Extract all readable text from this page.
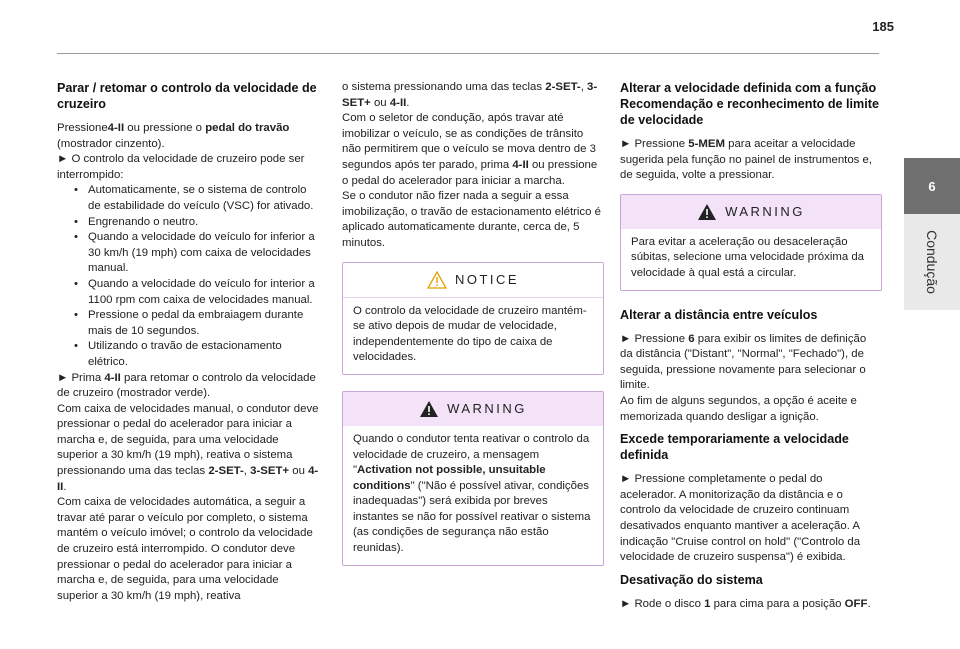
185
6
Condução
Parar / retomar o controlo da velocidade de cruzeiro

Pressione4-II ou pressione o pedal do travão (mostrador cinzento).

► O controlo da velocidade de cruzeiro pode ser interrompido:

• Automaticamente, se o sistema de controlo de estabilidade do veículo (VSC) for ativado.
• Engrenando o neutro.
• Quando a velocidade do veículo for inferior a 30 km/h (19 mph) com caixa de velocidades manual.
• Quando a velocidade do veículo for interior a 1100 rpm com caixa de velocidades manual.
• Pressione o pedal da embraiagem durante mais de 10 segundos.
• Utilizando o travão de estacionamento elétrico.

► Prima 4-II para retomar o controlo da velocidade de cruzeiro (mostrador verde).

Com caixa de velocidades manual, o condutor deve pressionar o pedal do acelerador para iniciar a marcha e, de seguida, para uma velocidade superior a 30 km/h (19 mph), reativa o sistema pressionando uma das teclas 2-SET-, 3-SET+ ou 4-II.

Com caixa de velocidades automática, a seguir a travar até parar o veículo por completo, o sistema mantém o veículo imóvel; o controlo da velocidade de cruzeiro está interrompido. O condutor deve pressionar o pedal do acelerador para iniciar a marcha e, de seguida, para uma velocidade superior a 30 km/h (19 mph), reativa

o sistema pressionando uma das teclas 2-SET-, 3-SET+ ou 4-II.

Com o seletor de condução, após travar até imobilizar o veículo, se as condições de trânsito não permitirem que o veículo se mova dentro de 3 segundos após ter parado, prima 4-II ou pressione o pedal do acelerador para iniciar a marcha.

Se o condutor não fizer nada a seguir a essa imobilização, o travão de estacionamento elétrico é aplicado automaticamente durante, cerca de, 5 minutos.

NOTICE

O controlo da velocidade de cruzeiro mantém-se ativo depois de mudar de velocidade, independentemente do tipo de caixa de velocidades.

WARNING

Quando o condutor tenta reativar o controlo da velocidade de cruzeiro, a mensagem "Activation not possible, unsuitable conditions" ("Não é possível ativar, condições inadequadas") será exibida por breves instantes se não for possível reativar o sistema (as condições de segurança não estão reunidas).

Alterar a velocidade definida com a função Recomendação e reconhecimento de limite de velocidade

► Pressione 5-MEM para aceitar a velocidade sugerida pela função no painel de instrumentos e, de seguida, volte a pressionar.

WARNING

Para evitar a aceleração ou desaceleração súbitas, selecione uma velocidade próxima da velocidade à qual está a circular.

Alterar a distância entre veículos

► Pressione 6 para exibir os limites de definição da distância ("Distant", "Normal", "Fechado"), de seguida, pressione novamente para selecionar o limite.

Ao fim de alguns segundos, a opção é aceite e memorizada quando desligar a ignição.

Excede temporariamente a velocidade definida

► Pressione completamente o pedal do acelerador. A monitorização da distância e o controlo da velocidade de cruzeiro continuam desativados enquanto mantiver a aceleração. A indicação "Cruise control on hold" ("Controlo da velocidade de cruzeiro suspensa") é exibida.

Desativação do sistema

► Rode o disco 1 para cima para a posição OFF.
